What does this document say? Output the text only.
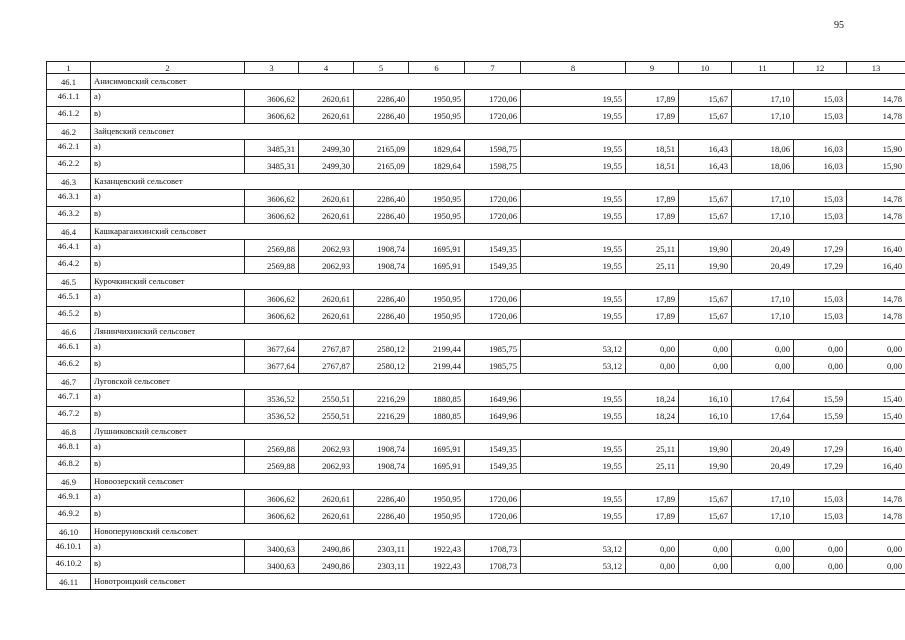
95
1	2	3	4	5	6	7	8	9	10	11	12	13
46.1	Анисимовский сельсовет											
46.1.1	а)	3606,62	2620,61	2286,40	1950,95	1720,06	19,55	17,89	15,67	17,10	15,03	14,78
46.1.2	в)	3606,62	2620,61	2286,40	1950,95	1720,06	19,55	17,89	15,67	17,10	15,03	14,78
46.2	Зайцевский сельсовет											
46.2.1	а)	3485,31	2499,30	2165,09	1829,64	1598,75	19,55	18,51	16,43	18,06	16,03	15,90
46.2.2	в)	3485,31	2499,30	2165,09	1829,64	1598,75	19,55	18,51	16,43	18,06	16,03	15,90
46.3	Казанцевский сельсовет											
46.3.1	а)	3606,62	2620,61	2286,40	1950,95	1720,06	19,55	17,89	15,67	17,10	15,03	14,78
46.3.2	в)	3606,62	2620,61	2286,40	1950,95	1720,06	19,55	17,89	15,67	17,10	15,03	14,78
46.4	Кашкарагаихинский сельсовет											
46.4.1	а)	2569,88	2062,93	1908,74	1695,91	1549,35	19,55	25,11	19,90	20,49	17,29	16,40
46.4.2	в)	2569,88	2062,93	1908,74	1695,91	1549,35	19,55	25,11	19,90	20,49	17,29	16,40
46.5	Курочкинский сельсовет											
46.5.1	а)	3606,62	2620,61	2286,40	1950,95	1720,06	19,55	17,89	15,67	17,10	15,03	14,78
46.5.2	в)	3606,62	2620,61	2286,40	1950,95	1720,06	19,55	17,89	15,67	17,10	15,03	14,78
46.6	Лянинчихинский сельсовет											
46.6.1	а)	3677,64	2767,87	2580,12	2199,44	1985,75	53,12	0,00	0,00	0,00	0,00	0,00
46.6.2	в)	3677,64	2767,87	2580,12	2199,44	1985,75	53,12	0,00	0,00	0,00	0,00	0,00
46.7	Луговской сельсовет											
46.7.1	а)	3536,52	2550,51	2216,29	1880,85	1649,96	19,55	18,24	16,10	17,64	15,59	15,40
46.7.2	в)	3536,52	2550,51	2216,29	1880,85	1649,96	19,55	18,24	16,10	17,64	15,59	15,40
46.8	Лушниковский сельсовет											
46.8.1	а)	2569,88	2062,93	1908,74	1695,91	1549,35	19,55	25,11	19,90	20,49	17,29	16,40
46.8.2	в)	2569,88	2062,93	1908,74	1695,91	1549,35	19,55	25,11	19,90	20,49	17,29	16,40
46.9	Новоозерский сельсовет											
46.9.1	а)	3606,62	2620,61	2286,40	1950,95	1720,06	19,55	17,89	15,67	17,10	15,03	14,78
46.9.2	в)	3606,62	2620,61	2286,40	1950,95	1720,06	19,55	17,89	15,67	17,10	15,03	14,78
46.10	Новоперуновский сельсовет											
46.10.1	а)	3400,63	2490,86	2303,11	1922,43	1708,73	53,12	0,00	0,00	0,00	0,00	0,00
46.10.2	в)	3400,63	2490,86	2303,11	1922,43	1708,73	53,12	0,00	0,00	0,00	0,00	0,00
46.11	Новотроицкий сельсовет											
